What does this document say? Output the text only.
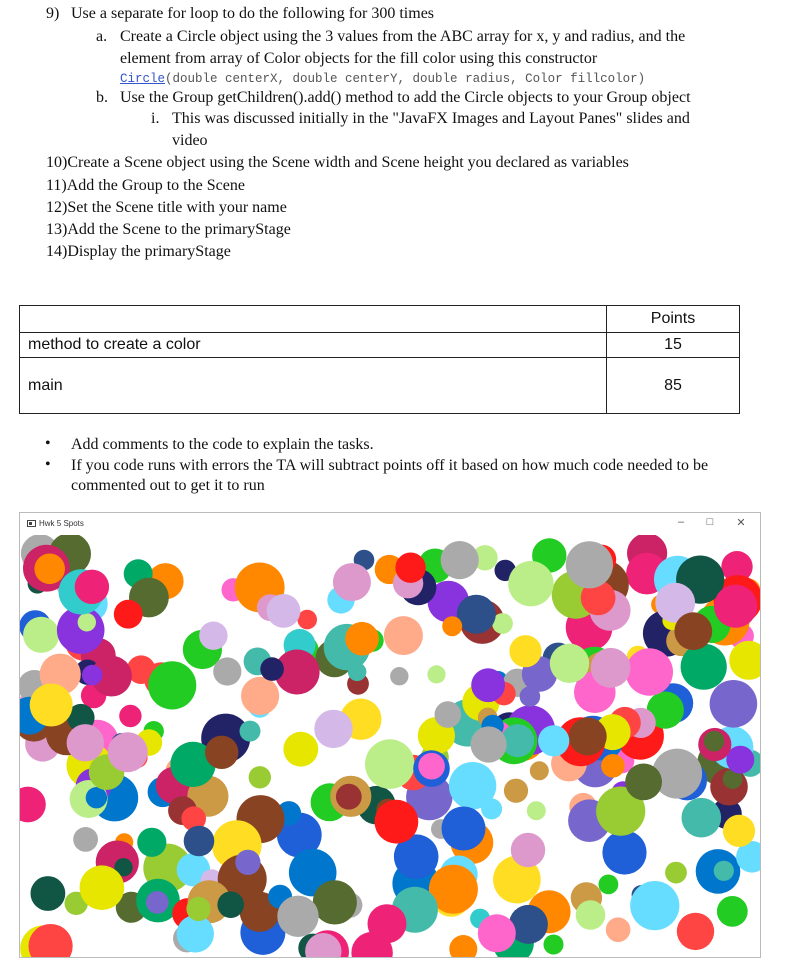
9) Use a separate for loop to do the following for 300 times
a. Create a Circle object using the 3 values from the ABC array for x, y and radius, and the
element from array of Color objects for the fill color using this constructor
Circle(double centerX, double centerY, double radius, Color fillcolor)
b. Use the Group getChildren().add() method to add the Circle objects to your Group object
i. This was discussed initially in the "JavaFX Images and Layout Panes" slides and
video
10)Create a Scene object using the Scene width and Scene height you declared as variables
11)Add the Group to the Scene
12)Set the Scene title with your name
13)Add the Scene to the primaryStage
14)Display the primaryStage
	Points
method to create a color	15
main	85
• Add comments to the code to explain the tasks.
• If you code runs with errors the TA will subtract points off it based on how much code needed to be
commented out to get it to run
Hwk 5 Spots	–	□	✕
